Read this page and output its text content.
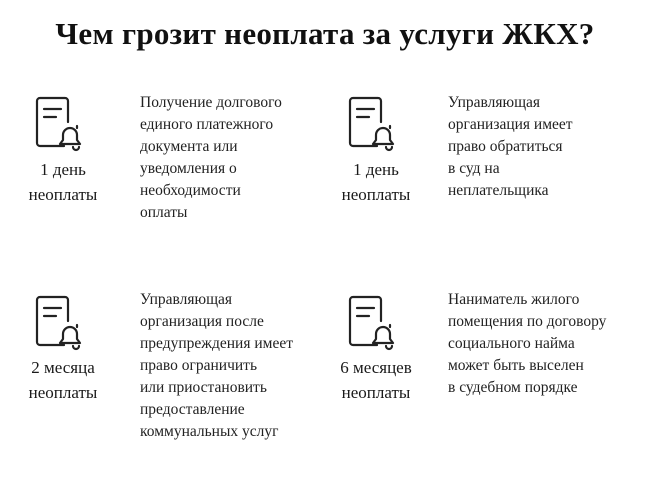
Чем грозит неоплата за услуги ЖКХ?
1 день
неоплаты
Получение долгового
единого платежного
документа или
уведомления о
необходимости
оплаты
1 день
неоплаты
Управляющая
организация имеет
право обратиться
в суд на
неплательщика
2 месяца
неоплаты
Управляющая
организация после
предупреждения имеет
право ограничить
или приостановить
предоставление
коммунальных услуг
6 месяцев
неоплаты
Наниматель жилого
помещения по договору
социального найма
может быть выселен
в судебном порядке
